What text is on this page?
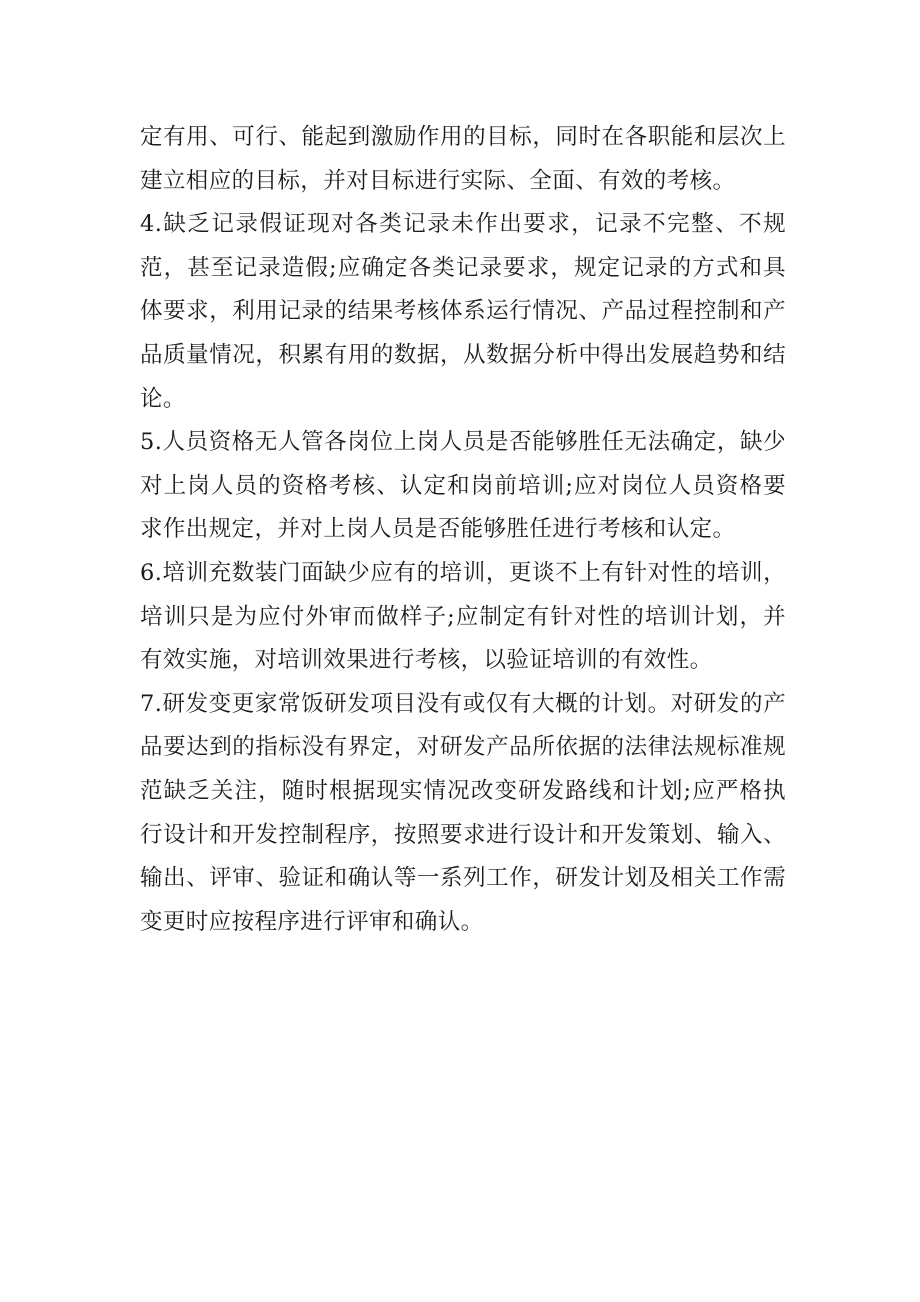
定有用、可行、能起到激励作用的目标，同时在各职能和层次上建立相应的目标，并对目标进行实际、全面、有效的考核。

4.缺乏记录假证现对各类记录未作出要求，记录不完整、不规范，甚至记录造假;应确定各类记录要求，规定记录的方式和具体要求，利用记录的结果考核体系运行情况、产品过程控制和产品质量情况，积累有用的数据，从数据分析中得出发展趋势和结论。

5.人员资格无人管各岗位上岗人员是否能够胜任无法确定，缺少对上岗人员的资格考核、认定和岗前培训;应对岗位人员资格要求作出规定，并对上岗人员是否能够胜任进行考核和认定。

6.培训充数装门面缺少应有的培训，更谈不上有针对性的培训，培训只是为应付外审而做样子;应制定有针对性的培训计划，并有效实施，对培训效果进行考核，以验证培训的有效性。

7.研发变更家常饭研发项目没有或仅有大概的计划。对研发的产品要达到的指标没有界定，对研发产品所依据的法律法规标准规范缺乏关注，随时根据现实情况改变研发路线和计划;应严格执行设计和开发控制程序，按照要求进行设计和开发策划、输入、输出、评审、验证和确认等一系列工作，研发计划及相关工作需变更时应按程序进行评审和确认。
